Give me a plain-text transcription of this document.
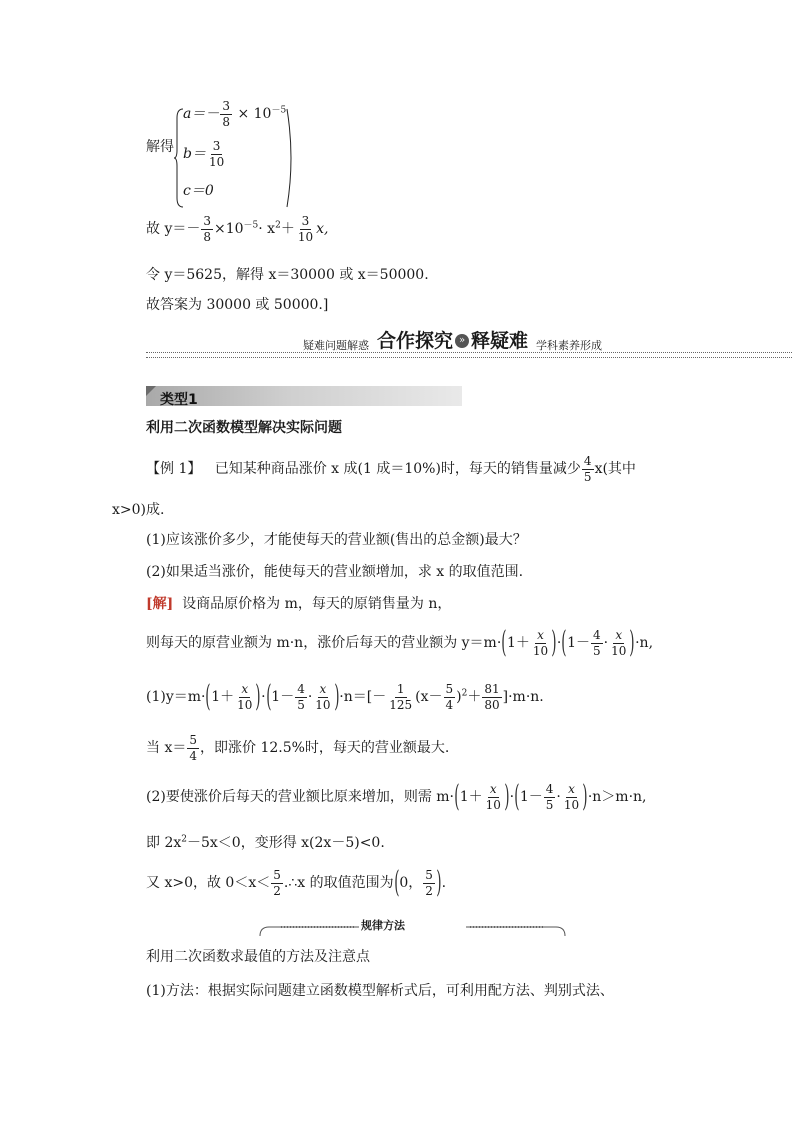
解得
$a=- \frac{3}{8} \times 10^{-5}$
$b= \frac{3}{10}$
c＝0
故 $y=- \frac{3}{8} \times 10^{-5}\cdot x^2+ \frac{3}{10} x$,
令 y＝5625，解得 x＝30000 或 x＝50000.
故答案为 30000 或 50000.]
疑难问题解惑 合作探究 » 释疑难 学科素养形成
类型1
利用二次函数模型解决实际问题
【例 1】 已知某种商品涨价 x 成(1 成＝10%)时，每天的销售量减少 $\frac{4}{5} x$(其中
x>0)成.
(1)应该涨价多少，才能使每天的营业额(售出的总金额)最大？
(2)如果适当涨价，能使每天的营业额增加，求 x 的取值范围.
[解] 设商品原价格为 m，每天的原销售量为 n，
则每天的原营业额为 m·n，涨价后每天的营业额为 $y=m\cdot(1+ \frac{x}{10} )\cdot(1- \frac{4}{5} \cdot \frac{x}{10} )\cdot n$,
$(1)y=m\cdot(1+ \frac{x}{10} )\cdot(1- \frac{4}{5} \cdot \frac{x}{10} )\cdot n=[- \frac{1}{125} (x- \frac{5}{4} )^2+ \frac{81}{80} ]\cdot m\cdot n$.
当 $x= \frac{5}{4}$ ，即涨价 12.5%时，每天的营业额最大.
(2)要使涨价后每天的营业额比原来增加，则需 $m\cdot(1+ \frac{x}{10} )\cdot(1- \frac{4}{5} \cdot \frac{x}{10} )\cdot n>m\cdot n$,
即 $2x^2-5x<0$，变形得 x(2x－5)<0.
又 x>0，故 $0<x< \frac{5}{2}$ .∴x 的取值范围为(0， $\frac{5}{2}$ ).
规律方法
利用二次函数求最值的方法及注意点
(1)方法：根据实际问题建立函数模型解析式后，可利用配方法、判别式法、
